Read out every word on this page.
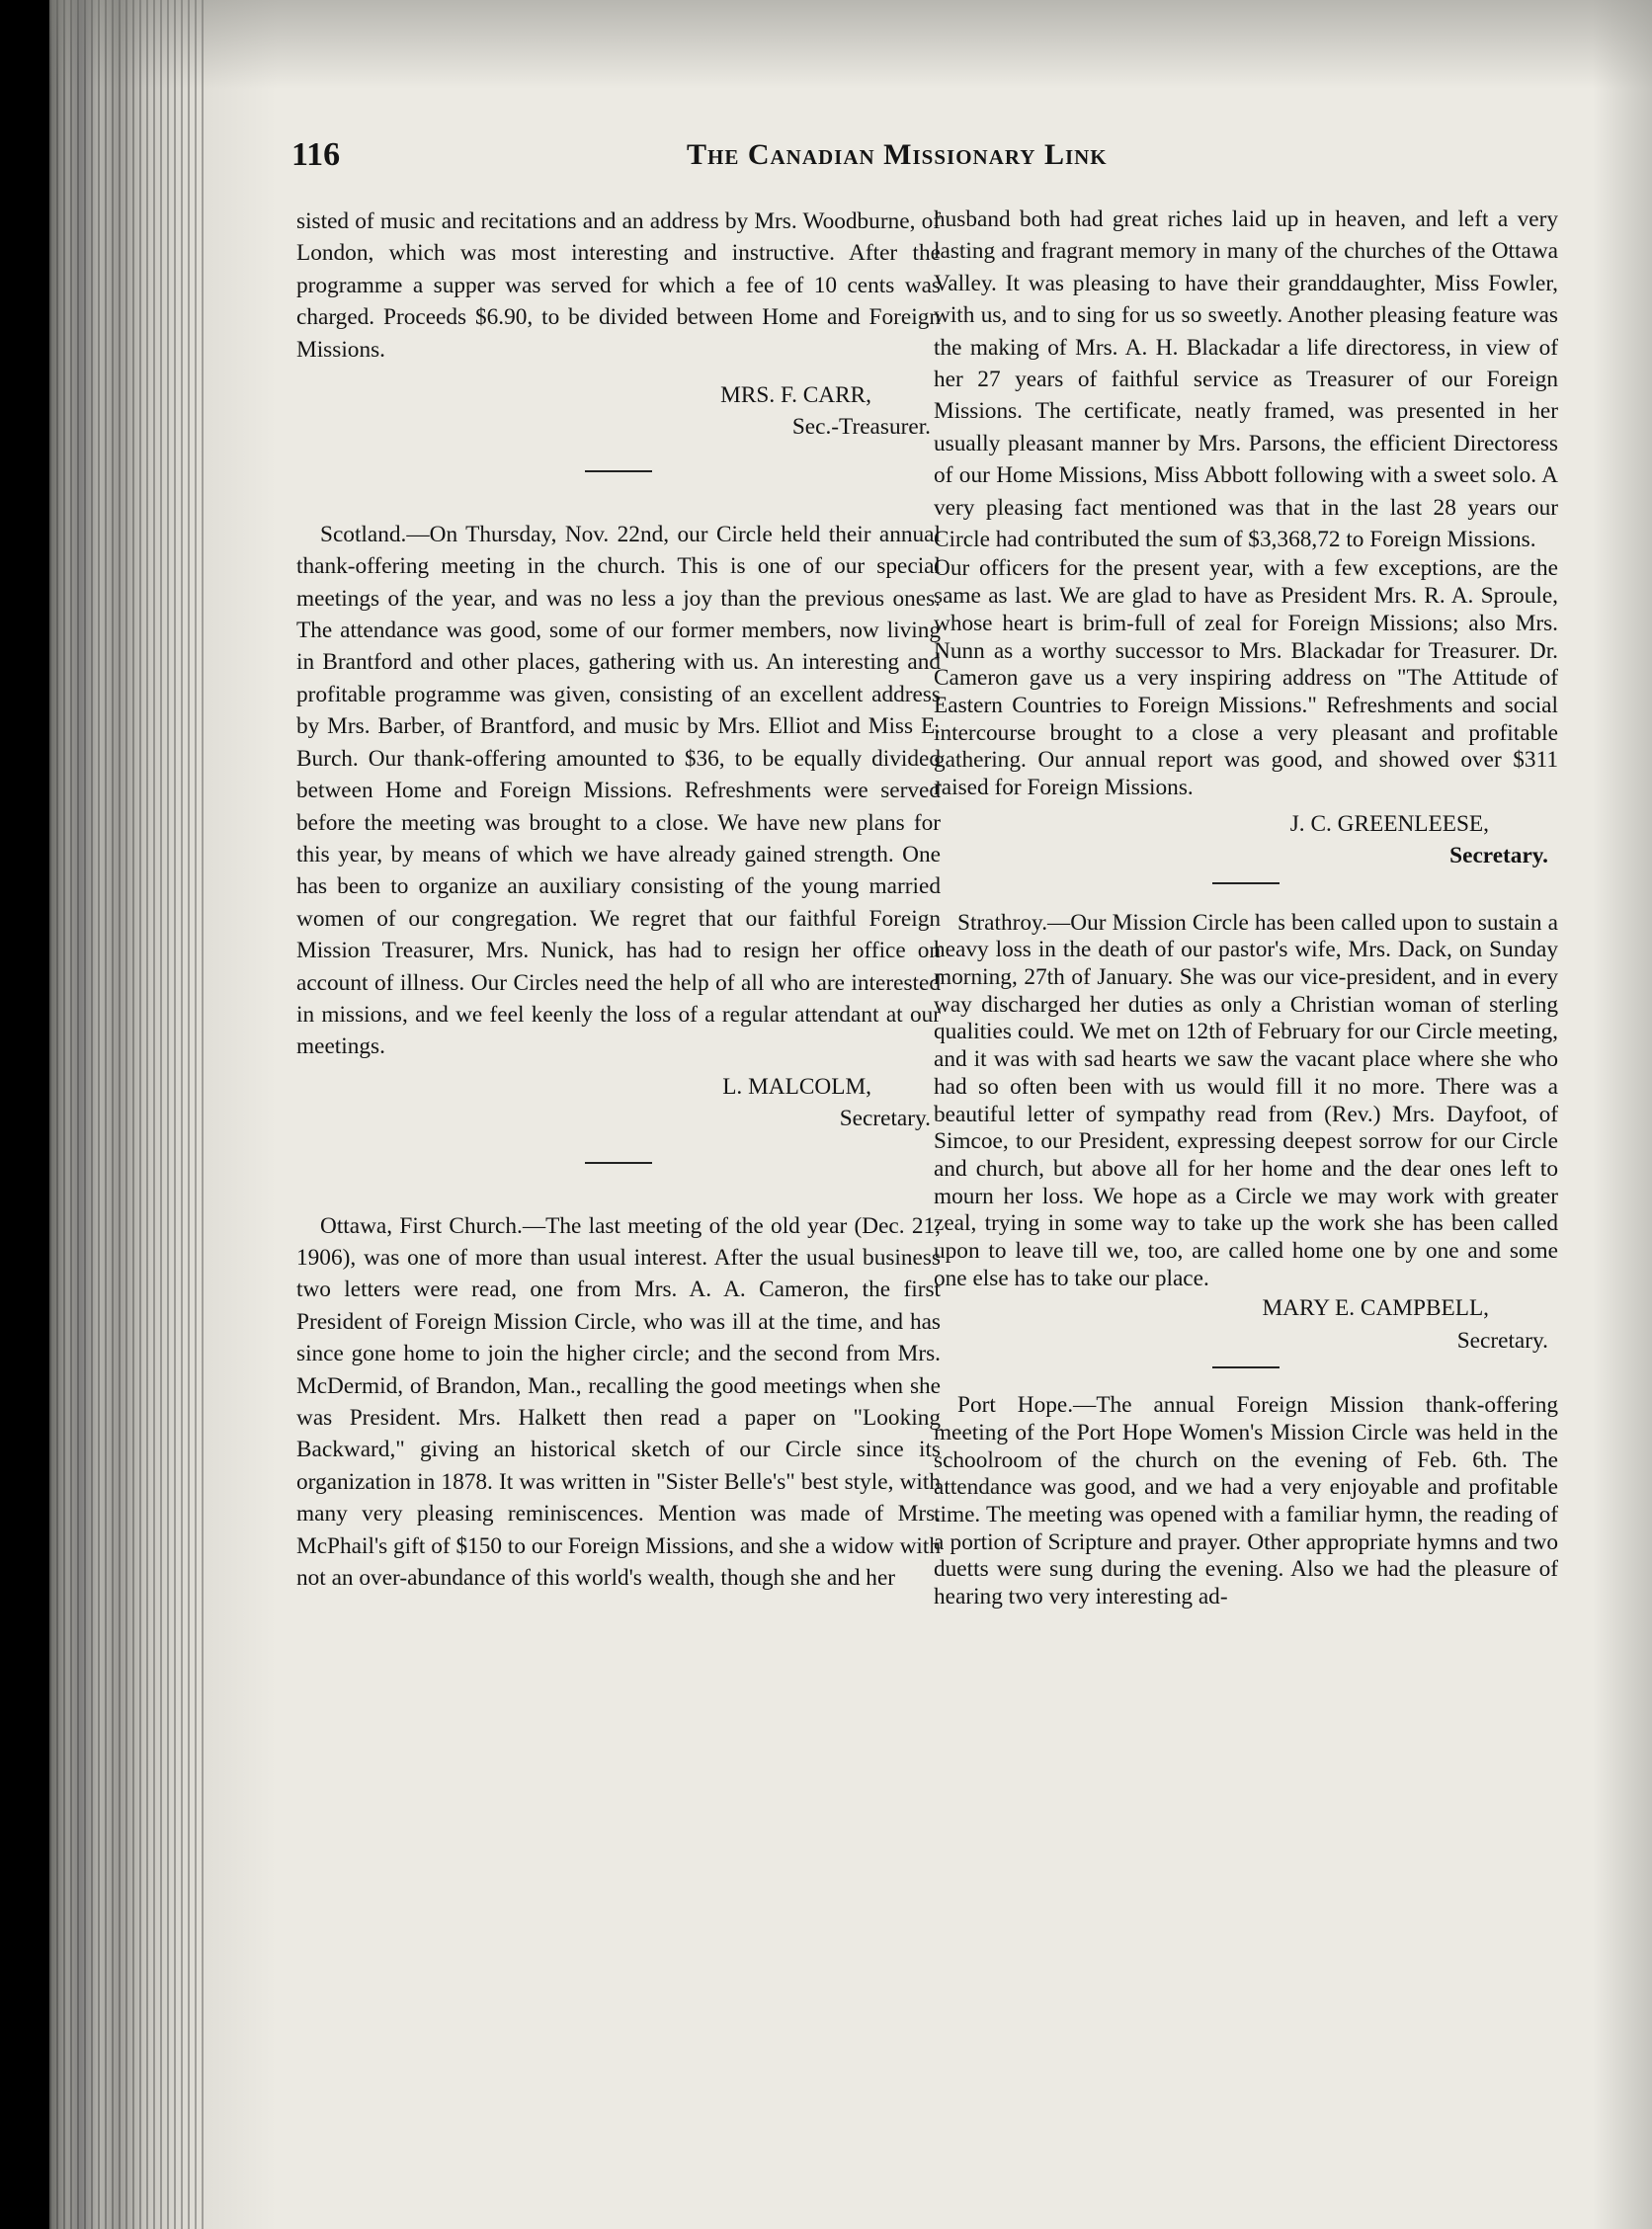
116	The Canadian Missionary Link

sisted of music and recitations and an address by Mrs. Woodburne, of London, which was most interesting and instructive. After the programme a supper was served for which a fee of 10 cents was charged. Proceeds $6.90, to be divided between Home and Foreign Missions.

MRS. F. CARR,

Sec.-Treasurer.

Scotland.—On Thursday, Nov. 22nd, our Circle held their annual thank-offering meeting in the church. This is one of our special meetings of the year, and was no less a joy than the previous ones. The attendance was good, some of our former members, now living in Brantford and other places, gathering with us. An interesting and profitable programme was given, consisting of an excellent address by Mrs. Barber, of Brantford, and music by Mrs. Elliot and Miss E. Burch. Our thank-offering amounted to $36, to be equally divided between Home and Foreign Missions. Refreshments were served before the meeting was brought to a close. We have new plans for this year, by means of which we have already gained strength. One has been to organize an auxiliary consisting of the young married women of our congregation. We regret that our faithful Foreign Mission Treasurer, Mrs. Nunick, has had to resign her office on account of illness. Our Circles need the help of all who are interested in missions, and we feel keenly the loss of a regular attendant at our meetings.

L. MALCOLM,

Secretary.

Ottawa, First Church.—The last meeting of the old year (Dec. 21, 1906), was one of more than usual interest. After the usual business two letters were read, one from Mrs. A. A. Cameron, the first President of Foreign Mission Circle, who was ill at the time, and has since gone home to join the higher circle; and the second from Mrs. McDermid, of Brandon, Man., recalling the good meetings when she was President. Mrs. Halkett then read a paper on "Looking Backward," giving an historical sketch of our Circle since its organization in 1878. It was written in "Sister Belle's" best style, with many very pleasing reminiscences. Mention was made of Mrs. McPhail's gift of $150 to our Foreign Missions, and she a widow with not an over-abundance of this world's wealth, though she and her

husband both had great riches laid up in heaven, and left a very lasting and fragrant memory in many of the churches of the Ottawa Valley. It was pleasing to have their granddaughter, Miss Fowler, with us, and to sing for us so sweetly. Another pleasing feature was the making of Mrs. A. H. Blackadar a life directoress, in view of her 27 years of faithful service as Treasurer of our Foreign Missions. The certificate, neatly framed, was presented in her usually pleasant manner by Mrs. Parsons, the efficient Directoress of our Home Missions, Miss Abbott following with a sweet solo. A very pleasing fact mentioned was that in the last 28 years our Circle had contributed the sum of $3,368,72 to Foreign Missions.

Our officers for the present year, with a few exceptions, are the same as last. We are glad to have as President Mrs. R. A. Sproule, whose heart is brim-full of zeal for Foreign Missions; also Mrs. Nunn as a worthy successor to Mrs. Blackadar for Treasurer. Dr. Cameron gave us a very inspiring address on "The Attitude of Eastern Countries to Foreign Missions." Refreshments and social intercourse brought to a close a very pleasant and profitable gathering. Our annual report was good, and showed over $311 raised for Foreign Missions.

J. C. GREENLEESE,

Secretary.

Strathroy.—Our Mission Circle has been called upon to sustain a heavy loss in the death of our pastor's wife, Mrs. Dack, on Sunday morning, 27th of January. She was our vice-president, and in every way discharged her duties as only a Christian woman of sterling qualities could. We met on 12th of February for our Circle meeting, and it was with sad hearts we saw the vacant place where she who had so often been with us would fill it no more. There was a beautiful letter of sympathy read from (Rev.) Mrs. Dayfoot, of Simcoe, to our President, expressing deepest sorrow for our Circle and church, but above all for her home and the dear ones left to mourn her loss. We hope as a Circle we may work with greater zeal, trying in some way to take up the work she has been called upon to leave till we, too, are called home one by one and some one else has to take our place.

MARY E. CAMPBELL,

Secretary.

Port Hope.—The annual Foreign Mission thank-offering meeting of the Port Hope Women's Mission Circle was held in the schoolroom of the church on the evening of Feb. 6th. The attendance was good, and we had a very enjoyable and profitable time. The meeting was opened with a familiar hymn, the reading of a portion of Scripture and prayer. Other appropriate hymns and two duetts were sung during the evening. Also we had the pleasure of hearing two very interesting ad-
